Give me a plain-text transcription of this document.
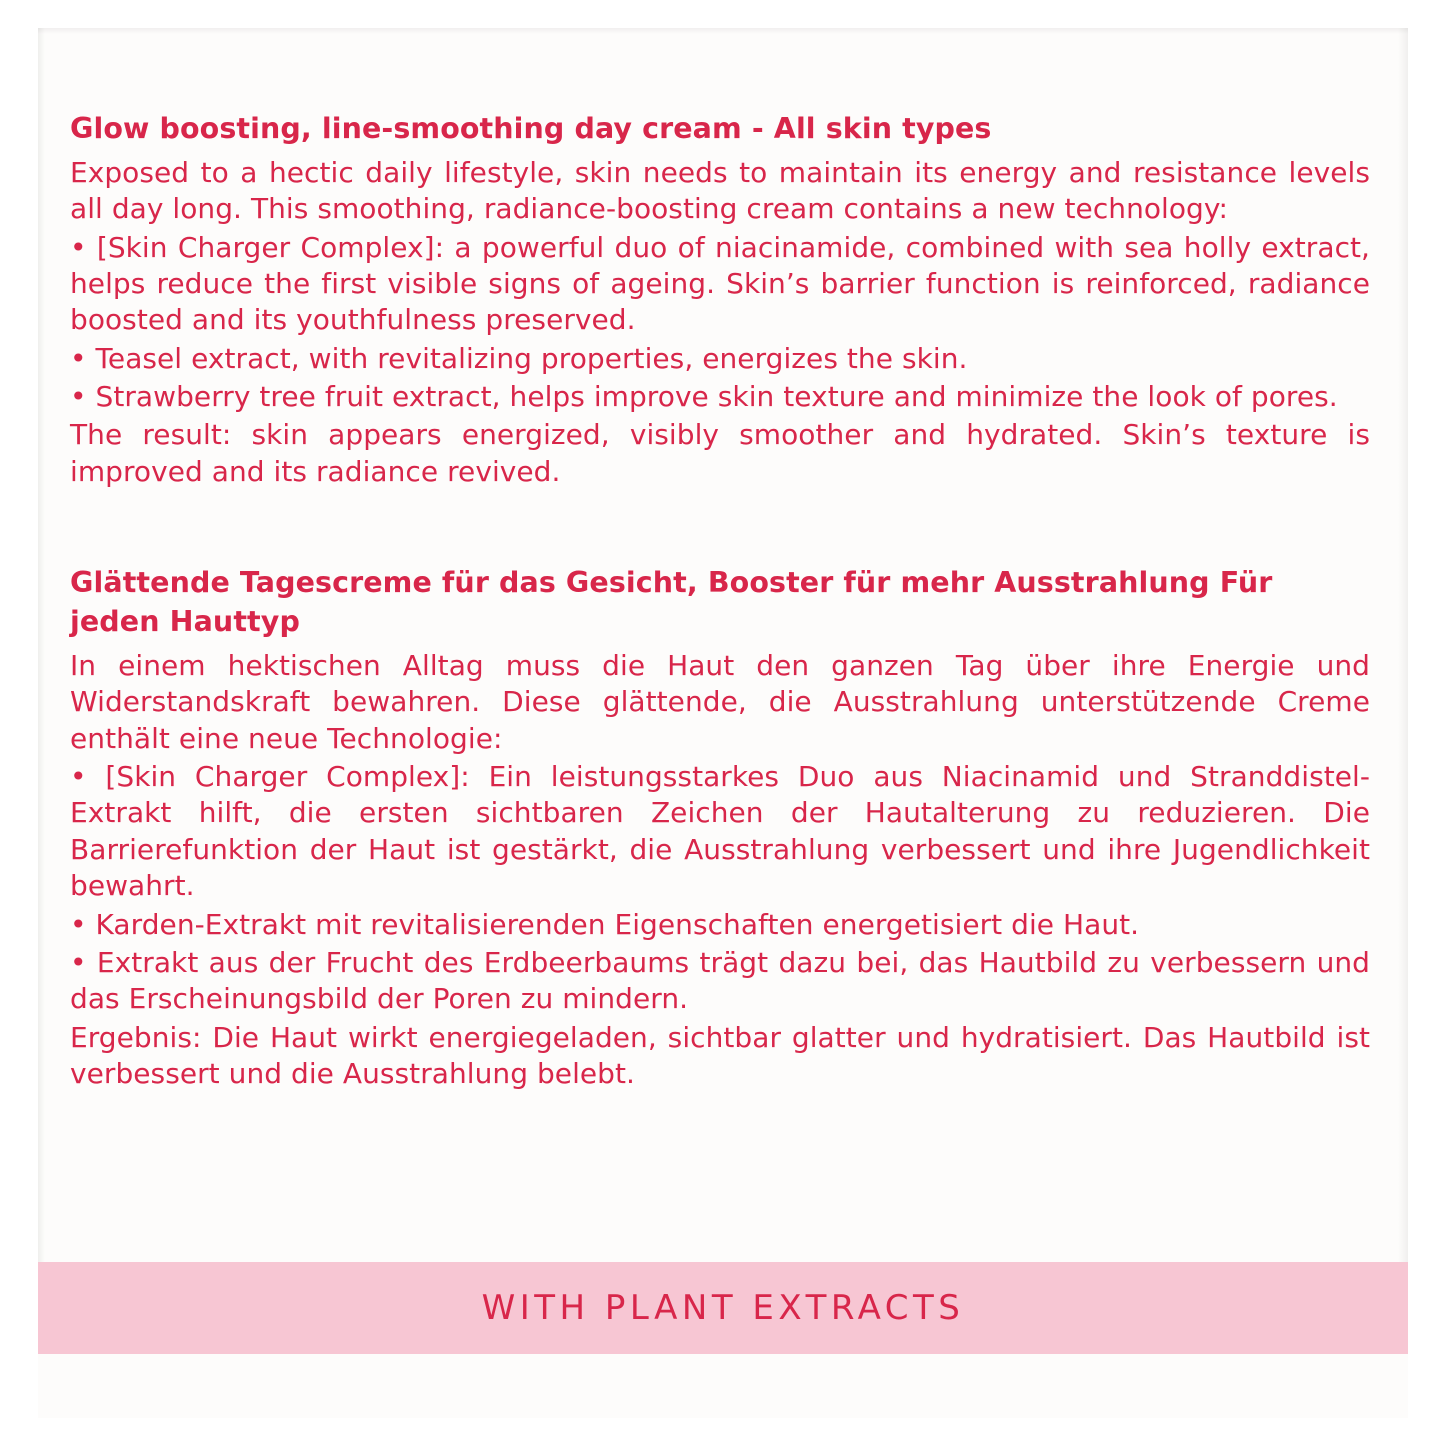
Glow boosting, line-smoothing day cream - All skin types

Exposed to a hectic daily lifestyle, skin needs to maintain its energy and resistance levels all day long. This smoothing, radiance-boosting cream contains a new technology:

• [Skin Charger Complex]: a powerful duo of niacinamide, combined with sea holly extract, helps reduce the first visible signs of ageing. Skin’s barrier function is reinforced, radiance boosted and its youthfulness preserved.

• Teasel extract, with revitalizing properties, energizes the skin.

• Strawberry tree fruit extract, helps improve skin texture and minimize the look of pores.

The result: skin appears energized, visibly smoother and hydrated. Skin’s texture is improved and its radiance revived.

Glättende Tagescreme für das Gesicht, Booster für mehr Ausstrahlung Für jeden Hauttyp

In einem hektischen Alltag muss die Haut den ganzen Tag über ihre Energie und Widerstandskraft bewahren. Diese glättende, die Ausstrahlung unterstützende Creme enthält eine neue Technologie:

• [Skin Charger Complex]: Ein leistungsstarkes Duo aus Niacinamid und Stranddistel-Extrakt hilft, die ersten sichtbaren Zeichen der Hautalterung zu reduzieren. Die Barrierefunktion der Haut ist gestärkt, die Ausstrahlung verbessert und ihre Jugendlichkeit bewahrt.

• Karden-Extrakt mit revitalisierenden Eigenschaften energetisiert die Haut.

• Extrakt aus der Frucht des Erdbeerbaums trägt dazu bei, das Hautbild zu verbessern und das Erscheinungsbild der Poren zu mindern.

Ergebnis: Die Haut wirkt energiegeladen, sichtbar glatter und hydratisiert. Das Hautbild ist verbessert und die Ausstrahlung belebt.

WITH PLANT EXTRACTS
